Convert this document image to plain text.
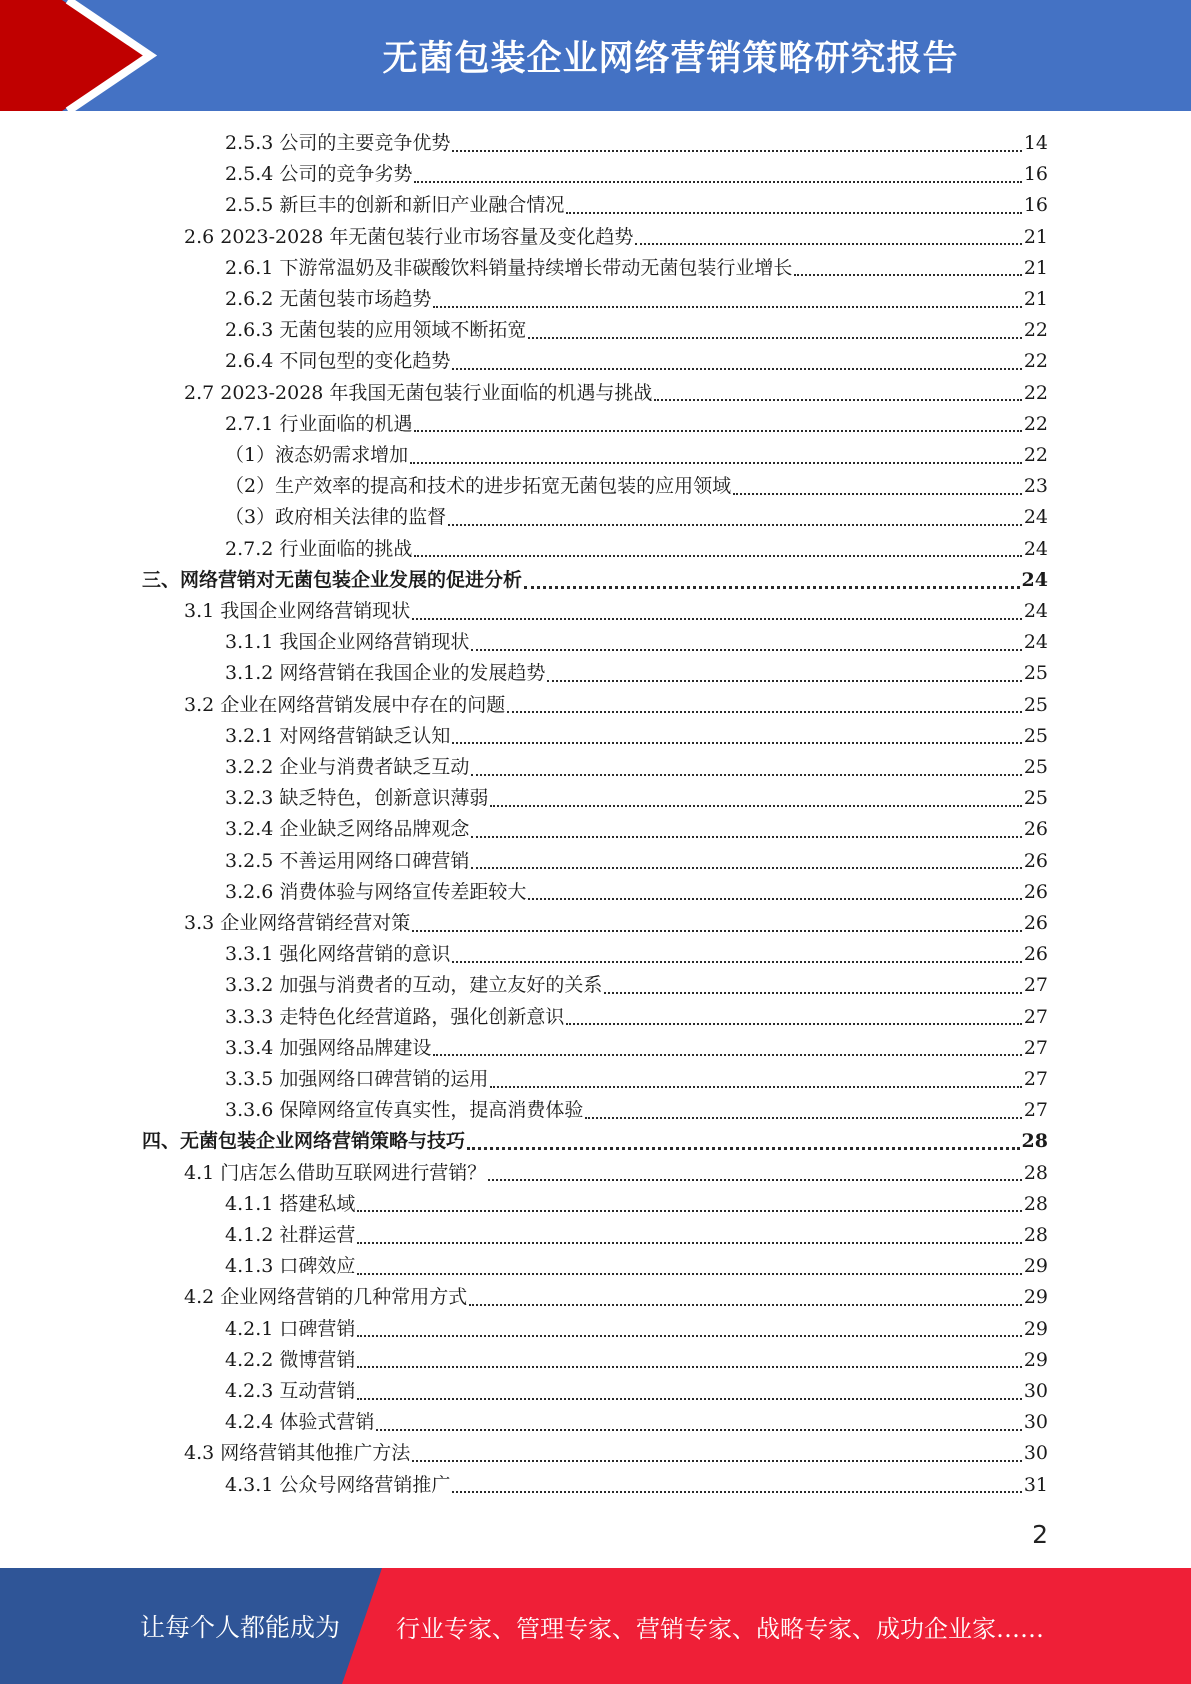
无菌包装企业网络营销策略研究报告
2.5.3 公司的主要竞争优势	14
2.5.4 公司的竞争劣势	16
2.5.5 新巨丰的创新和新旧产业融合情况	16
2.6 2023-2028 年无菌包装行业市场容量及变化趋势	21
2.6.1 下游常温奶及非碳酸饮料销量持续增长带动无菌包装行业增长	21
2.6.2 无菌包装市场趋势	21
2.6.3 无菌包装的应用领域不断拓宽	22
2.6.4 不同包型的变化趋势	22
2.7 2023-2028 年我国无菌包装行业面临的机遇与挑战	22
2.7.1 行业面临的机遇	22
（1）液态奶需求增加	22
（2）生产效率的提高和技术的进步拓宽无菌包装的应用领域	23
（3）政府相关法律的监督	24
2.7.2 行业面临的挑战	24
三、网络营销对无菌包装企业发展的促进分析	24
3.1 我国企业网络营销现状	24
3.1.1 我国企业网络营销现状	24
3.1.2 网络营销在我国企业的发展趋势	25
3.2 企业在网络营销发展中存在的问题	25
3.2.1 对网络营销缺乏认知	25
3.2.2 企业与消费者缺乏互动	25
3.2.3 缺乏特色，创新意识薄弱	25
3.2.4 企业缺乏网络品牌观念	26
3.2.5 不善运用网络口碑营销	26
3.2.6 消费体验与网络宣传差距较大	26
3.3 企业网络营销经营对策	26
3.3.1 强化网络营销的意识	26
3.3.2 加强与消费者的互动，建立友好的关系	27
3.3.3 走特色化经营道路，强化创新意识	27
3.3.4 加强网络品牌建设	27
3.3.5 加强网络口碑营销的运用	27
3.3.6 保障网络宣传真实性，提高消费体验	27
四、无菌包装企业网络营销策略与技巧	28
4.1 门店怎么借助互联网进行营销？	28
4.1.1 搭建私域	28
4.1.2 社群运营	28
4.1.3 口碑效应	29
4.2 企业网络营销的几种常用方式	29
4.2.1 口碑营销	29
4.2.2 微博营销	29
4.2.3 互动营销	30
4.2.4 体验式营销	30
4.3 网络营销其他推广方法	30
4.3.1 公众号网络营销推广	31
2
让每个人都能成为 行业专家、管理专家、营销专家、战略专家、成功企业家……
